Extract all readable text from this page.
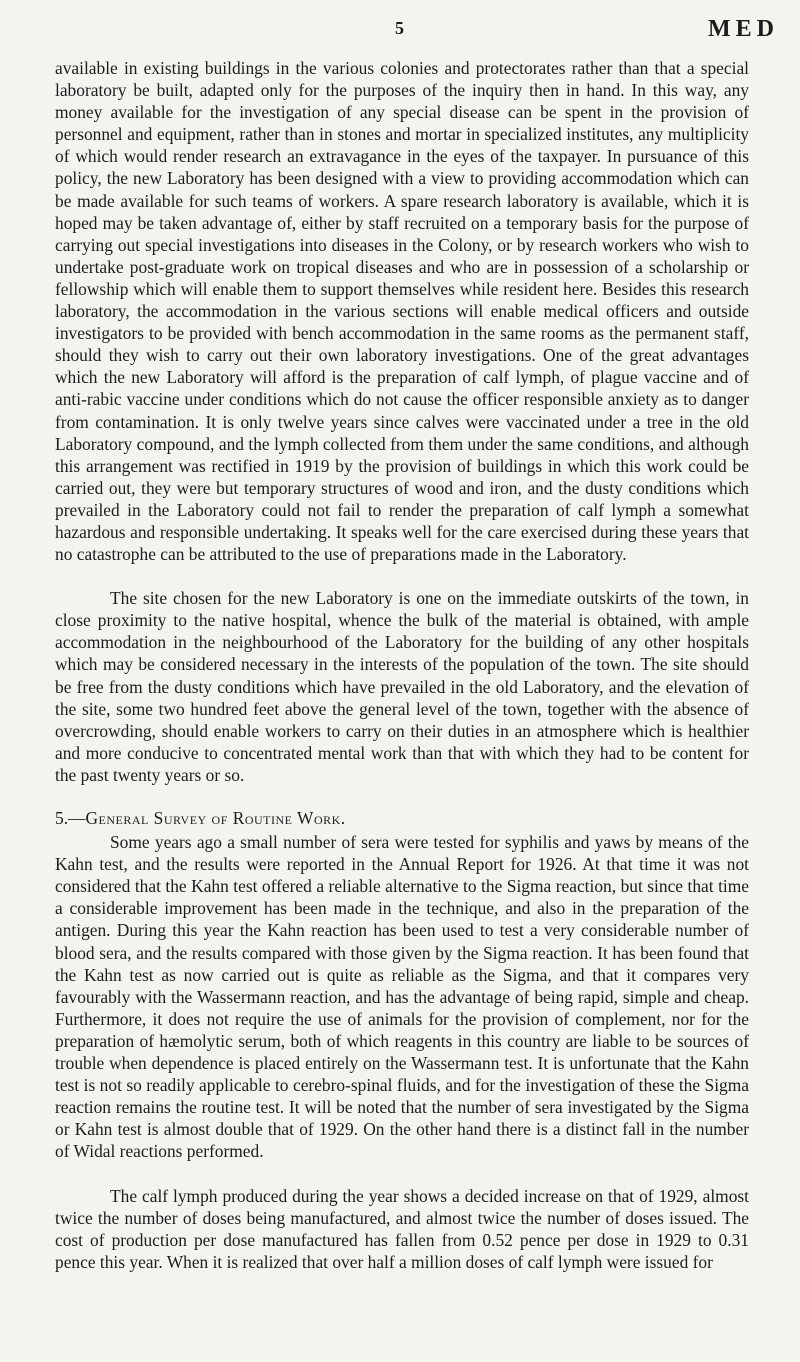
5	MED

available in existing buildings in the various colonies and protectorates rather than that a special laboratory be built, adapted only for the purposes of the inquiry then in hand. In this way, any money available for the investigation of any special disease can be spent in the provision of personnel and equipment, rather than in stones and mortar in specialized institutes, any multiplicity of which would render research an extravagance in the eyes of the taxpayer. In pursuance of this policy, the new Laboratory has been designed with a view to providing accommodation which can be made available for such teams of workers. A spare research laboratory is available, which it is hoped may be taken advantage of, either by staff recruited on a temporary basis for the purpose of carrying out special investigations into diseases in the Colony, or by research workers who wish to undertake post-graduate work on tropical diseases and who are in possession of a scholarship or fellowship which will enable them to support themselves while resident here. Besides this research laboratory, the accommodation in the various sections will enable medical officers and outside investigators to be provided with bench accommodation in the same rooms as the permanent staff, should they wish to carry out their own laboratory investigations. One of the great advantages which the new Laboratory will afford is the preparation of calf lymph, of plague vaccine and of anti-rabic vaccine under conditions which do not cause the officer responsible anxiety as to danger from contamination. It is only twelve years since calves were vaccinated under a tree in the old Laboratory compound, and the lymph collected from them under the same conditions, and although this arrangement was rectified in 1919 by the provision of buildings in which this work could be carried out, they were but temporary structures of wood and iron, and the dusty conditions which prevailed in the Laboratory could not fail to render the preparation of calf lymph a somewhat hazardous and responsible undertaking. It speaks well for the care exercised during these years that no catastrophe can be attributed to the use of preparations made in the Laboratory.

The site chosen for the new Laboratory is one on the immediate outskirts of the town, in close proximity to the native hospital, whence the bulk of the material is obtained, with ample accommodation in the neighbourhood of the Laboratory for the building of any other hospitals which may be considered necessary in the interests of the population of the town. The site should be free from the dusty conditions which have prevailed in the old Laboratory, and the elevation of the site, some two hundred feet above the general level of the town, together with the absence of overcrowding, should enable workers to carry on their duties in an atmosphere which is healthier and more conducive to concentrated mental work than that with which they had to be content for the past twenty years or so.

5.—General Survey of Routine Work.

Some years ago a small number of sera were tested for syphilis and yaws by means of the Kahn test, and the results were reported in the Annual Report for 1926. At that time it was not considered that the Kahn test offered a reliable alternative to the Sigma reaction, but since that time a considerable improvement has been made in the technique, and also in the preparation of the antigen. During this year the Kahn reaction has been used to test a very considerable number of blood sera, and the results compared with those given by the Sigma reaction. It has been found that the Kahn test as now carried out is quite as reliable as the Sigma, and that it compares very favourably with the Wassermann reaction, and has the advantage of being rapid, simple and cheap. Furthermore, it does not require the use of animals for the provision of complement, nor for the preparation of hæmolytic serum, both of which reagents in this country are liable to be sources of trouble when dependence is placed entirely on the Wassermann test. It is unfortunate that the Kahn test is not so readily applicable to cerebro-spinal fluids, and for the investigation of these the Sigma reaction remains the routine test. It will be noted that the number of sera investigated by the Sigma or Kahn test is almost double that of 1929. On the other hand there is a distinct fall in the number of Widal reactions performed.

The calf lymph produced during the year shows a decided increase on that of 1929, almost twice the number of doses being manufactured, and almost twice the number of doses issued. The cost of production per dose manufactured has fallen from 0.52 pence per dose in 1929 to 0.31 pence this year. When it is realized that over half a million doses of calf lymph were issued for
